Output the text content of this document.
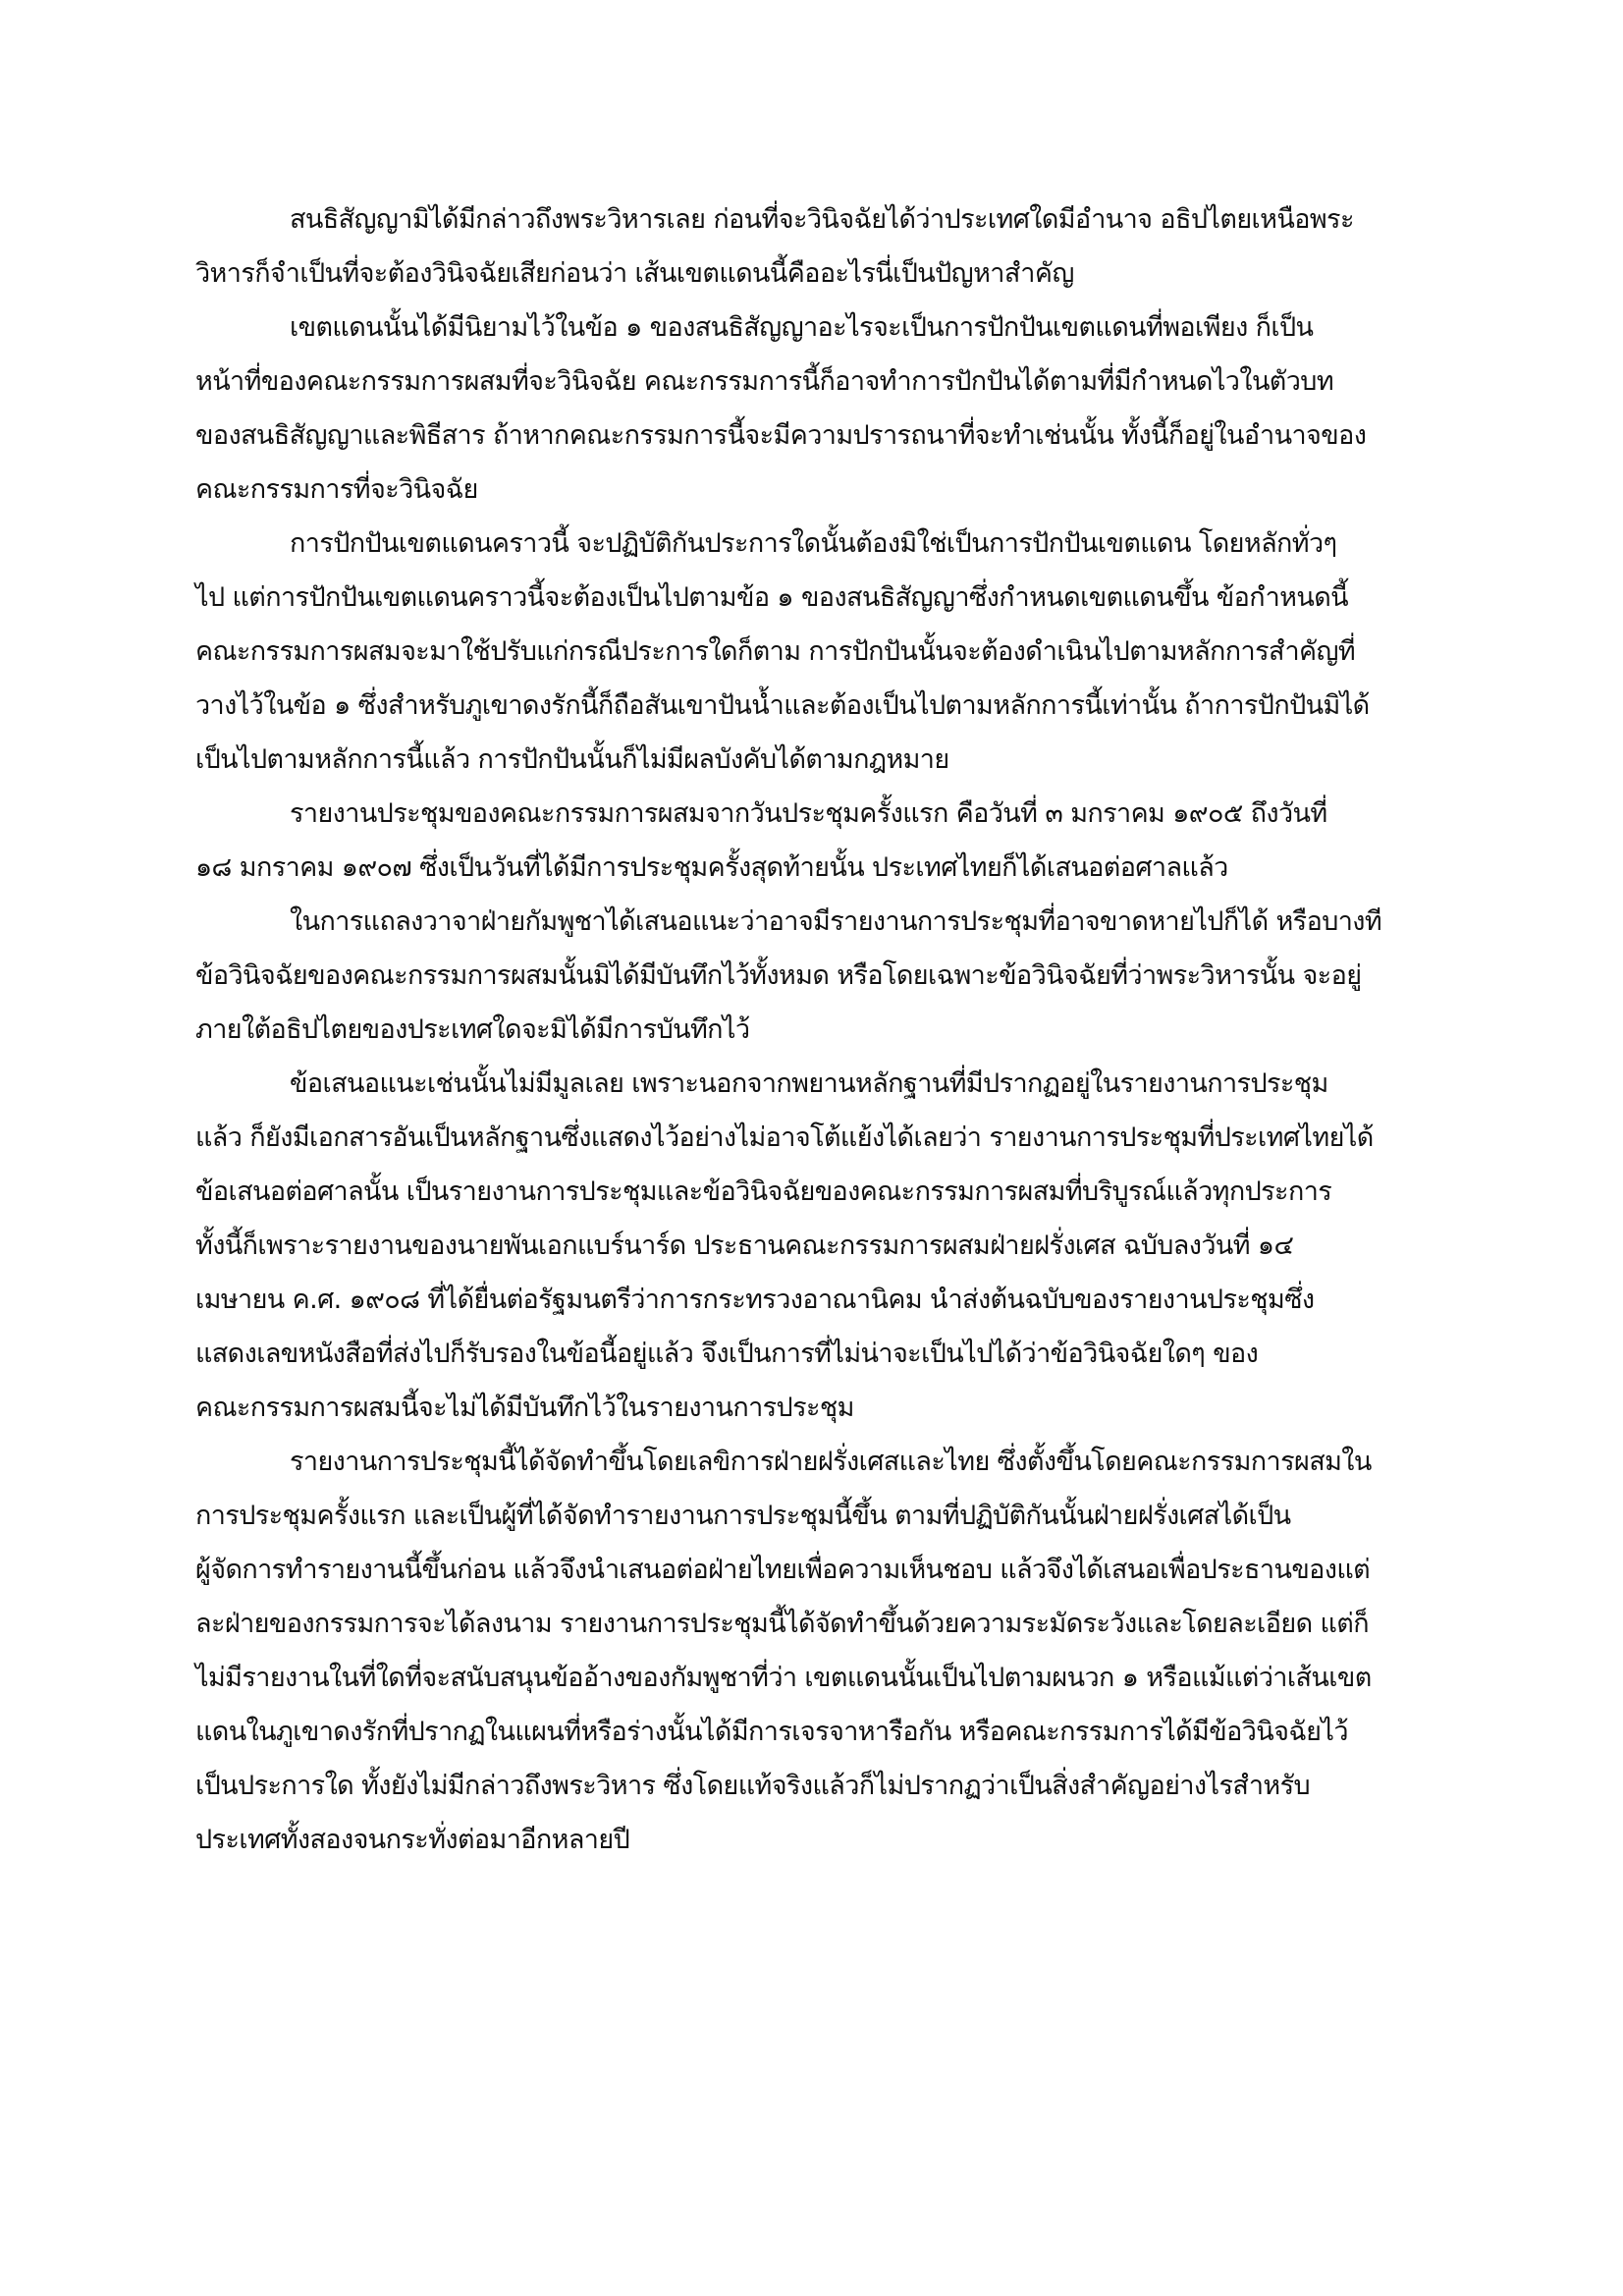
สนธิสัญญามิได้มีกล่าวถึงพระวิหารเลย ก่อนที่จะวินิจฉัยได้ว่าประเทศใดมีอำนาจ อธิปไตยเหนือพระ
วิหารก็จำเป็นที่จะต้องวินิจฉัยเสียก่อนว่า เส้นเขตแดนนี้คืออะไรนี่เป็นปัญหาสำคัญ
เขตแดนนั้นได้มีนิยามไว้ในข้อ ๑ ของสนธิสัญญาอะไรจะเป็นการปักปันเขตแดนที่พอเพียง ก็เป็น
หน้าที่ของคณะกรรมการผสมที่จะวินิจฉัย คณะกรรมการนี้ก็อาจทำการปักปันได้ตามที่มีกำหนดไวในตัวบท
ของสนธิสัญญาและพิธีสาร ถ้าหากคณะกรรมการนี้จะมีความปรารถนาที่จะทำเช่นนั้น ทั้งนี้ก็อยู่ในอำนาจของ
คณะกรรมการที่จะวินิจฉัย
การปักปันเขตแดนคราวนี้ จะปฏิบัติกันประการใดนั้นต้องมิใช่เป็นการปักปันเขตแดน โดยหลักทั่วๆ
ไป แต่การปักปันเขตแดนคราวนี้จะต้องเป็นไปตามข้อ ๑ ของสนธิสัญญาซึ่งกำหนดเขตแดนขึ้น ข้อกำหนดนี้
คณะกรรมการผสมจะมาใช้ปรับแก่กรณีประการใดก็ตาม การปักปันนั้นจะต้องดำเนินไปตามหลักการสำคัญที่
วางไว้ในข้อ ๑ ซึ่งสำหรับภูเขาดงรักนี้ก็ถือสันเขาปันน้ำและต้องเป็นไปตามหลักการนี้เท่านั้น ถ้าการปักปันมิได้
เป็นไปตามหลักการนี้แล้ว การปักปันนั้นก็ไม่มีผลบังคับได้ตามกฎหมาย
รายงานประชุมของคณะกรรมการผสมจากวันประชุมครั้งแรก คือวันที่ ๓ มกราคม ๑๙๐๕ ถึงวันที่
๑๘ มกราคม ๑๙๐๗ ซึ่งเป็นวันที่ได้มีการประชุมครั้งสุดท้ายนั้น ประเทศไทยก็ได้เสนอต่อศาลแล้ว
ในการแถลงวาจาฝ่ายกัมพูชาได้เสนอแนะว่าอาจมีรายงานการประชุมที่อาจขาดหายไปก็ได้ หรือบางที
ข้อวินิจฉัยของคณะกรรมการผสมนั้นมิได้มีบันทึกไว้ทั้งหมด หรือโดยเฉพาะข้อวินิจฉัยที่ว่าพระวิหารนั้น จะอยู่
ภายใต้อธิปไตยของประเทศใดจะมิได้มีการบันทึกไว้
ข้อเสนอแนะเช่นนั้นไม่มีมูลเลย เพราะนอกจากพยานหลักฐานที่มีปรากฏอยู่ในรายงานการประชุม
แล้ว ก็ยังมีเอกสารอันเป็นหลักฐานซึ่งแสดงไว้อย่างไม่อาจโต้แย้งได้เลยว่า รายงานการประชุมที่ประเทศไทยได้
ข้อเสนอต่อศาลนั้น เป็นรายงานการประชุมและข้อวินิจฉัยของคณะกรรมการผสมที่บริบูรณ์แล้วทุกประการ
ทั้งนี้ก็เพราะรายงานของนายพันเอกแบร์นาร์ด ประธานคณะกรรมการผสมฝ่ายฝรั่งเศส ฉบับลงวันที่ ๑๔
เมษายน ค.ศ. ๑๙๐๘ ที่ได้ยื่นต่อรัฐมนตรีว่าการกระทรวงอาณานิคม นำส่งต้นฉบับของรายงานประชุมซึ่ง
แสดงเลขหนังสือที่ส่งไปก็รับรองในข้อนี้อยู่แล้ว จึงเป็นการที่ไม่น่าจะเป็นไปได้ว่าข้อวินิจฉัยใดๆ ของ
คณะกรรมการผสมนี้จะไม่ได้มีบันทึกไว้ในรายงานการประชุม
รายงานการประชุมนี้ได้จัดทำขึ้นโดยเลขิการฝ่ายฝรั่งเศสและไทย ซึ่งตั้งขึ้นโดยคณะกรรมการผสมใน
การประชุมครั้งแรก และเป็นผู้ที่ได้จัดทำรายงานการประชุมนี้ขึ้น ตามที่ปฏิบัติกันนั้นฝ่ายฝรั่งเศสได้เป็น
ผู้จัดการทำรายงานนี้ขึ้นก่อน แล้วจึงนำเสนอต่อฝ่ายไทยเพื่อความเห็นชอบ แล้วจึงได้เสนอเพื่อประธานของแต่
ละฝ่ายของกรรมการจะได้ลงนาม รายงานการประชุมนี้ได้จัดทำขึ้นด้วยความระมัดระวังและโดยละเอียด แต่ก็
ไม่มีรายงานในที่ใดที่จะสนับสนุนข้ออ้างของกัมพูชาที่ว่า เขตแดนนั้นเป็นไปตามผนวก ๑ หรือแม้แต่ว่าเส้นเขต
แดนในภูเขาดงรักที่ปรากฏในแผนที่หรือร่างนั้นได้มีการเจรจาหารือกัน หรือคณะกรรมการได้มีข้อวินิจฉัยไว้
เป็นประการใด ทั้งยังไม่มีกล่าวถึงพระวิหาร ซึ่งโดยแท้จริงแล้วก็ไม่ปรากฏว่าเป็นสิ่งสำคัญอย่างไรสำหรับ
ประเทศทั้งสองจนกระทั่งต่อมาอีกหลายปี
